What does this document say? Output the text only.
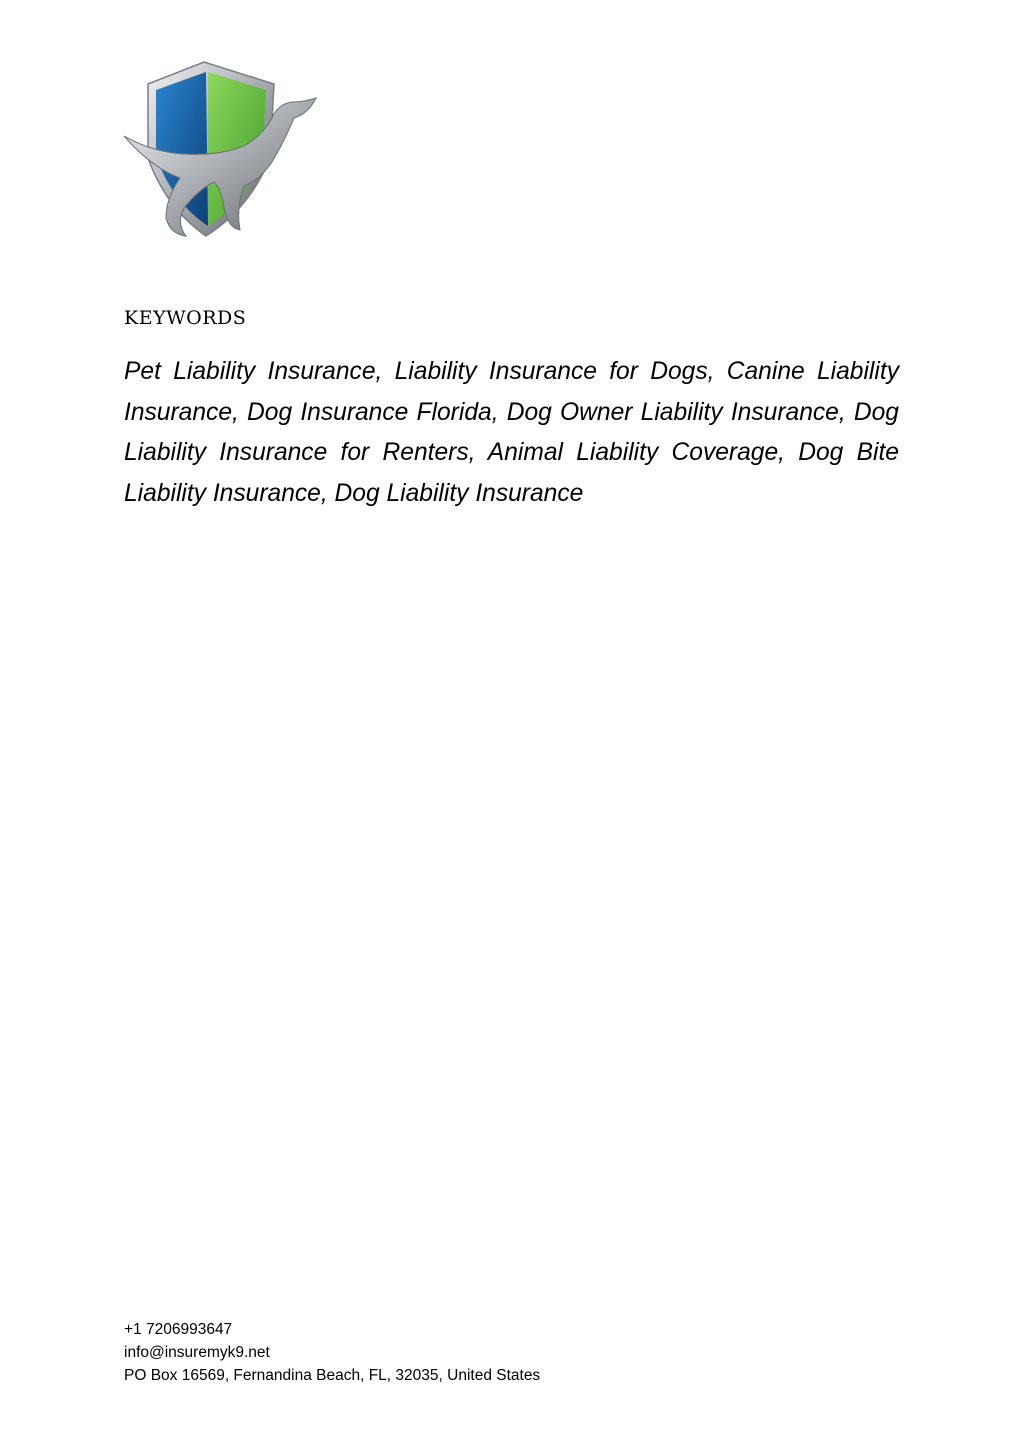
keywords

Pet Liability Insurance, Liability Insurance for Dogs, Canine Liability Insurance, Dog Insurance Florida, Dog Owner Liability Insurance, Dog Liability Insurance for Renters, Animal Liability Coverage, Dog Bite Liability Insurance, Dog Liability Insurance

+1 7206993647
info@insuremyk9.net
PO Box 16569, Fernandina Beach, FL, 32035, United States
